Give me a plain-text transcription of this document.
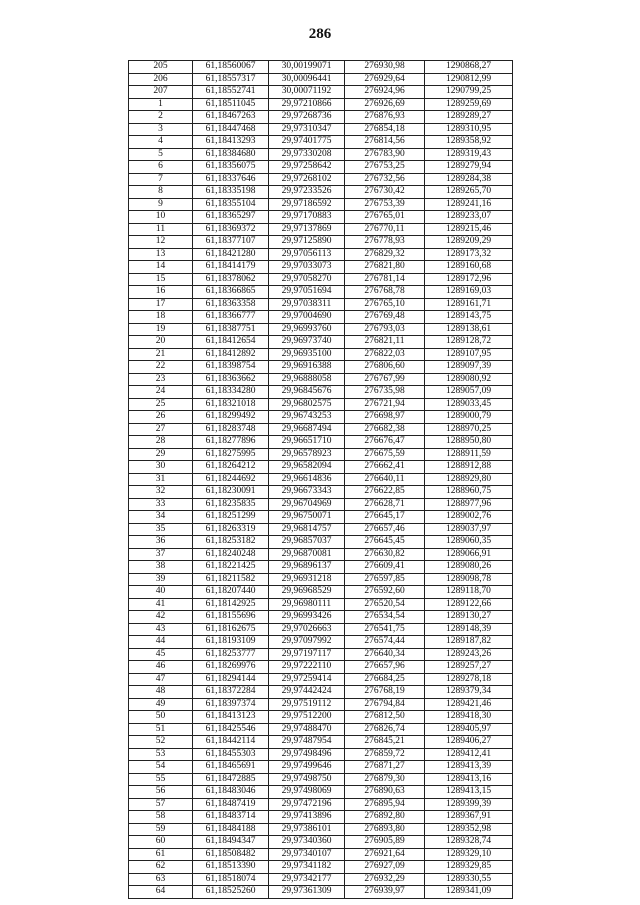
286
205	61,18560067	30,00199071	276930,98	1290868,27
206	61,18557317	30,00096441	276929,64	1290812,99
207	61,18552741	30,00071192	276924,96	1290799,25
1	61,18511045	29,97210866	276926,69	1289259,69
2	61,18467263	29,97268736	276876,93	1289289,27
3	61,18447468	29,97310347	276854,18	1289310,95
4	61,18413293	29,97401775	276814,56	1289358,92
5	61,18384680	29,97330208	276783,90	1289319,43
6	61,18356075	29,97258642	276753,25	1289279,94
7	61,18337646	29,97268102	276732,56	1289284,38
8	61,18335198	29,97233526	276730,42	1289265,70
9	61,18355104	29,97186592	276753,39	1289241,16
10	61,18365297	29,97170883	276765,01	1289233,07
11	61,18369372	29,97137869	276770,11	1289215,46
12	61,18377107	29,97125890	276778,93	1289209,29
13	61,18421280	29,97056113	276829,32	1289173,32
14	61,18414179	29,97033073	276821,80	1289160,68
15	61,18378062	29,97058270	276781,14	1289172,96
16	61,18366865	29,97051694	276768,78	1289169,03
17	61,18363358	29,97038311	276765,10	1289161,71
18	61,18366777	29,97004690	276769,48	1289143,75
19	61,18387751	29,96993760	276793,03	1289138,61
20	61,18412654	29,96973740	276821,11	1289128,72
21	61,18412892	29,96935100	276822,03	1289107,95
22	61,18398754	29,96916388	276806,60	1289097,39
23	61,18363662	29,96888058	276767,99	1289080,92
24	61,18334280	29,96845676	276735,98	1289057,09
25	61,18321018	29,96802575	276721,94	1289033,45
26	61,18299492	29,96743253	276698,97	1289000,79
27	61,18283748	29,96687494	276682,38	1288970,25
28	61,18277896	29,96651710	276676,47	1288950,80
29	61,18275995	29,96578923	276675,59	1288911,59
30	61,18264212	29,96582094	276662,41	1288912,88
31	61,18244692	29,96614836	276640,11	1288929,80
32	61,18230091	29,96673343	276622,85	1288960,75
33	61,18235835	29,96704969	276628,71	1288977,96
34	61,18251299	29,96750071	276645,17	1289002,76
35	61,18263319	29,96814757	276657,46	1289037,97
36	61,18253182	29,96857037	276645,45	1289060,35
37	61,18240248	29,96870081	276630,82	1289066,91
38	61,18221425	29,96896137	276609,41	1289080,26
39	61,18211582	29,96931218	276597,85	1289098,78
40	61,18207440	29,96968529	276592,60	1289118,70
41	61,18142925	29,96980111	276520,54	1289122,66
42	61,18155696	29,96993426	276534,54	1289130,27
43	61,18162675	29,97026663	276541,75	1289148,39
44	61,18193109	29,97097992	276574,44	1289187,82
45	61,18253777	29,97197117	276640,34	1289243,26
46	61,18269976	29,97222110	276657,96	1289257,27
47	61,18294144	29,97259414	276684,25	1289278,18
48	61,18372284	29,97442424	276768,19	1289379,34
49	61,18397374	29,97519112	276794,84	1289421,46
50	61,18413123	29,97512200	276812,50	1289418,30
51	61,18425546	29,97488470	276826,74	1289405,97
52	61,18442114	29,97487954	276845,21	1289406,27
53	61,18455303	29,97498496	276859,72	1289412,41
54	61,18465691	29,97499646	276871,27	1289413,39
55	61,18472885	29,97498750	276879,30	1289413,16
56	61,18483046	29,97498069	276890,63	1289413,15
57	61,18487419	29,97472196	276895,94	1289399,39
58	61,18483714	29,97413896	276892,80	1289367,91
59	61,18484188	29,97386101	276893,80	1289352,98
60	61,18494347	29,97340360	276905,89	1289328,74
61	61,18508482	29,97340107	276921,64	1289329,10
62	61,18513390	29,97341182	276927,09	1289329,85
63	61,18518074	29,97342177	276932,29	1289330,55
64	61,18525260	29,97361309	276939,97	1289341,09
